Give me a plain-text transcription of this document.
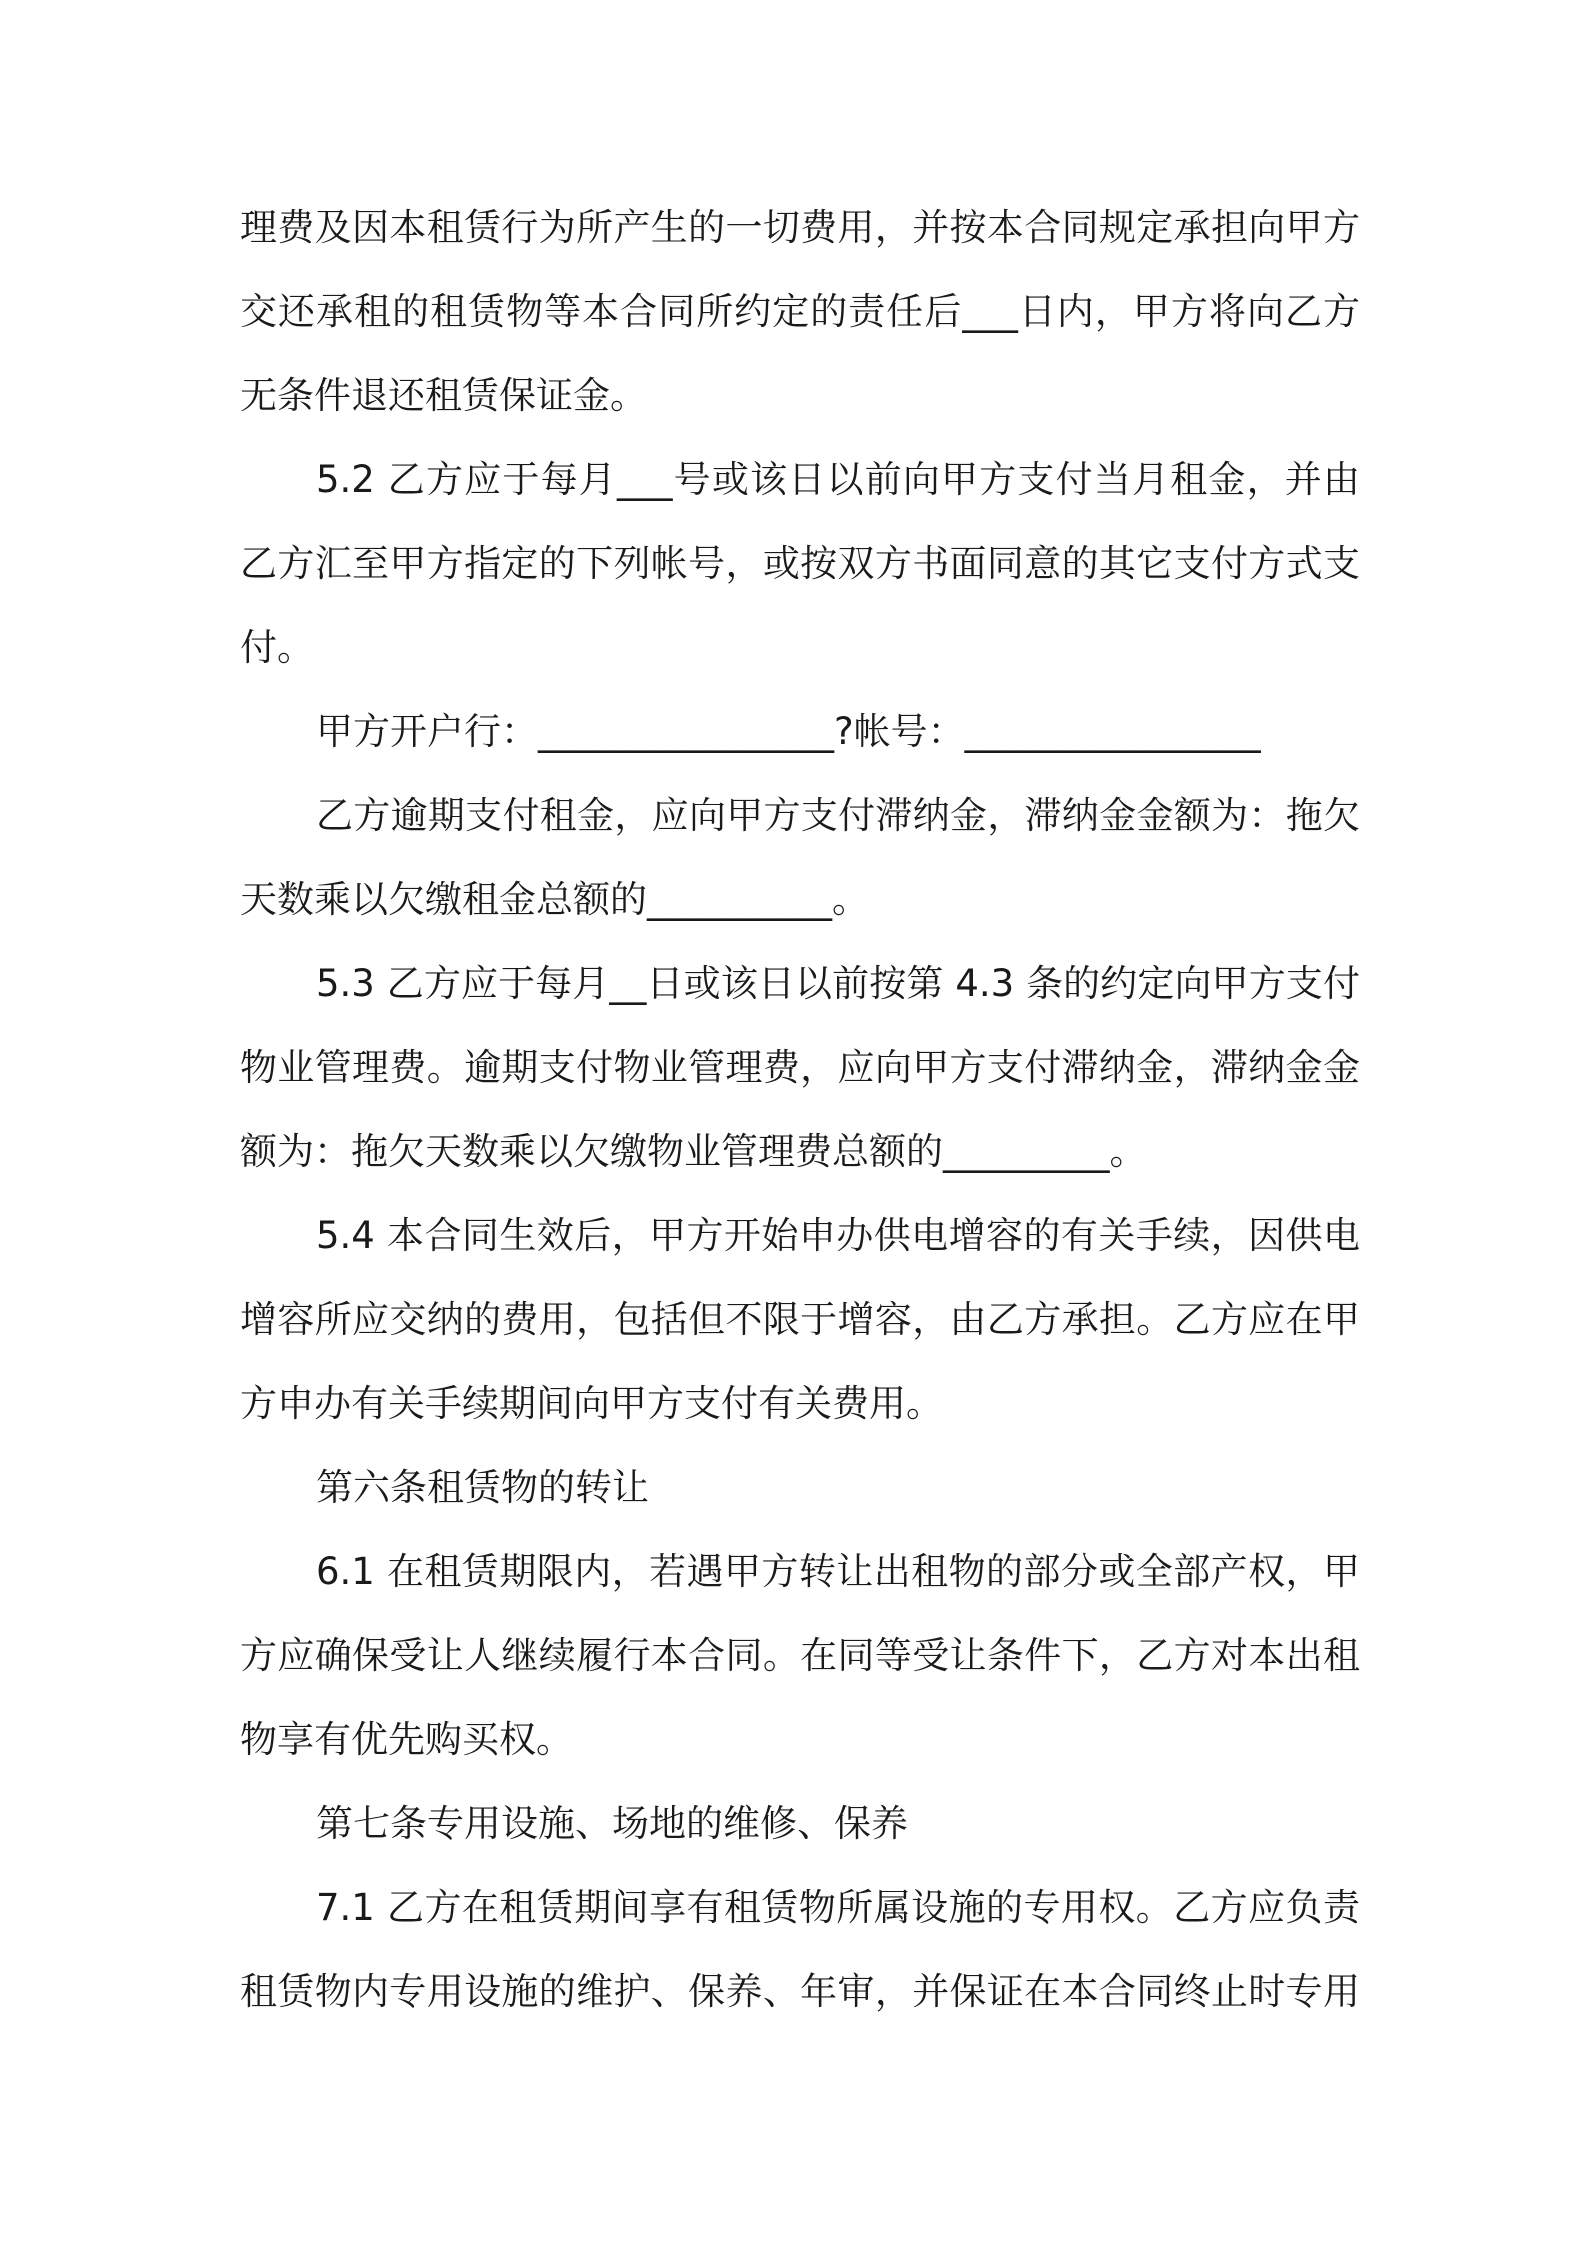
理费及因本租赁行为所产生的一切费用，并按本合同规定承担向甲方
交还承租的租赁物等本合同所约定的责任后___日内，甲方将向乙方
无条件退还租赁保证金。
5.2 乙方应于每月___号或该日以前向甲方支付当月租金，并由
乙方汇至甲方指定的下列帐号，或按双方书面同意的其它支付方式支
付。
甲方开户行：________________?帐号：________________
乙方逾期支付租金，应向甲方支付滞纳金，滞纳金金额为：拖欠
天数乘以欠缴租金总额的__________。
5.3 乙方应于每月__日或该日以前按第 4.3 条的约定向甲方支付
物业管理费。逾期支付物业管理费，应向甲方支付滞纳金，滞纳金金
额为：拖欠天数乘以欠缴物业管理费总额的_________。
5.4 本合同生效后，甲方开始申办供电增容的有关手续，因供电
增容所应交纳的费用，包括但不限于增容，由乙方承担。乙方应在甲
方申办有关手续期间向甲方支付有关费用。
第六条租赁物的转让
6.1 在租赁期限内，若遇甲方转让出租物的部分或全部产权，甲
方应确保受让人继续履行本合同。在同等受让条件下，乙方对本出租
物享有优先购买权。
第七条专用设施、场地的维修、保养
7.1 乙方在租赁期间享有租赁物所属设施的专用权。乙方应负责
租赁物内专用设施的维护、保养、年审，并保证在本合同终止时专用
